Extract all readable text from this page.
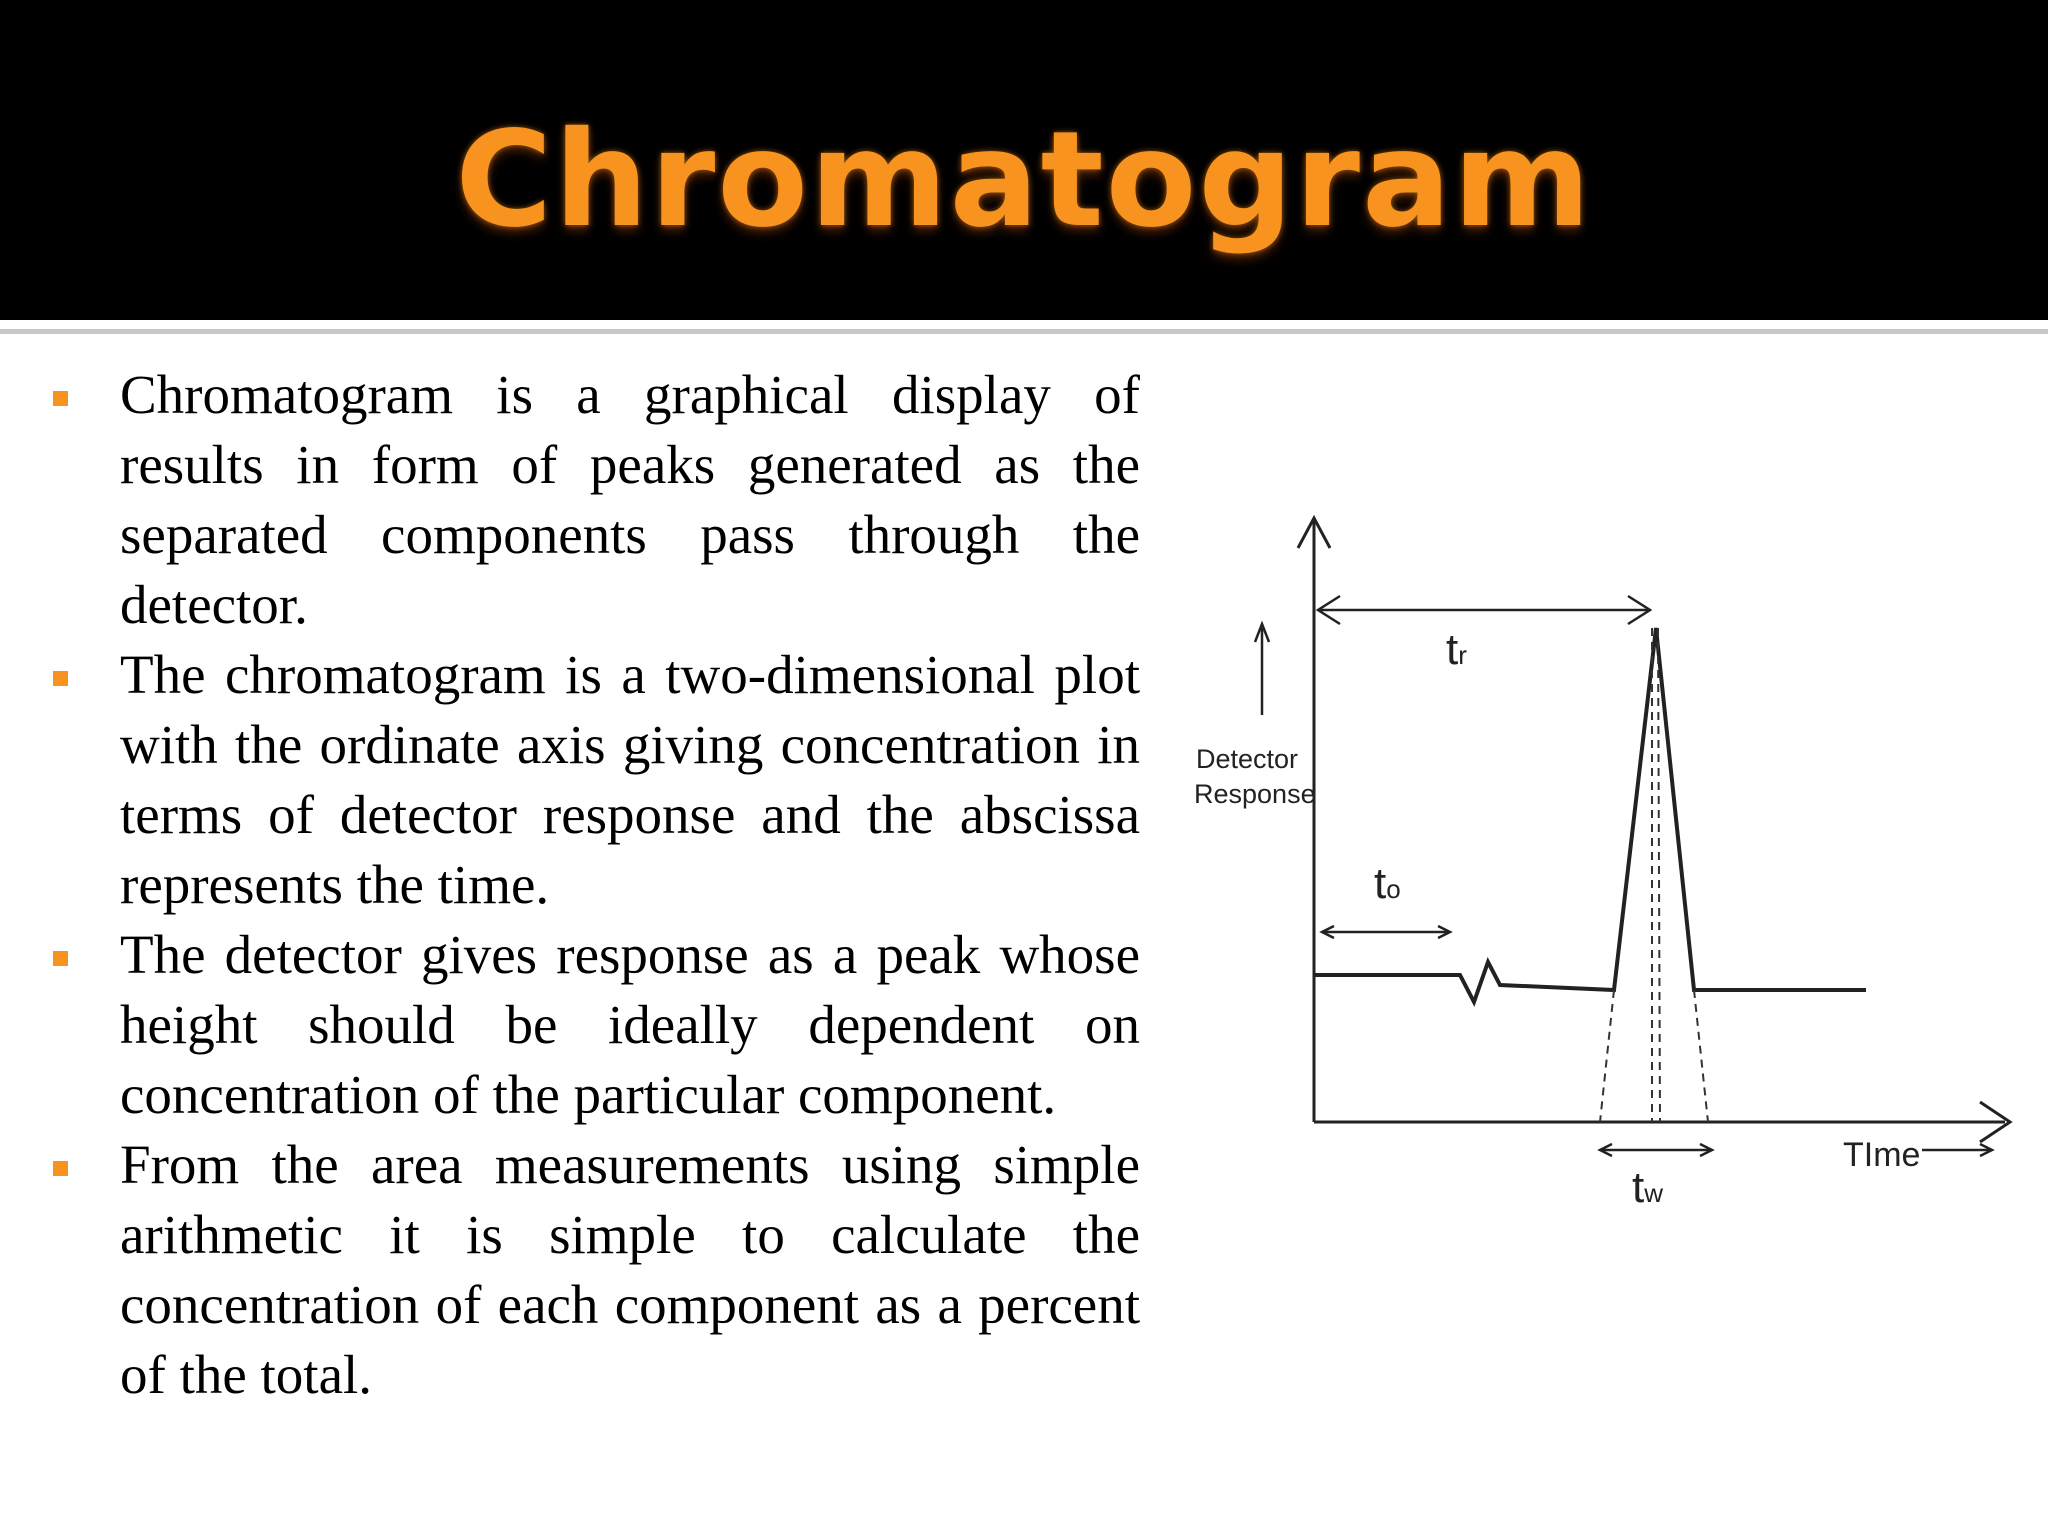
Chromatogram
Chromatogram is a graphical display of results in form of peaks generated as the separated components pass through the detector.
The chromatogram is a two-dimensional plot with the ordinate axis giving concentration in terms of detector response and the abscissa represents the time.
The detector gives response as a peak whose height should be ideally dependent on concentration of the particular component.
From the area measurements using simple arithmetic it is simple to calculate the concentration of each component as a percent of the total.
Detector
Response
tr
to
tw
TIme
